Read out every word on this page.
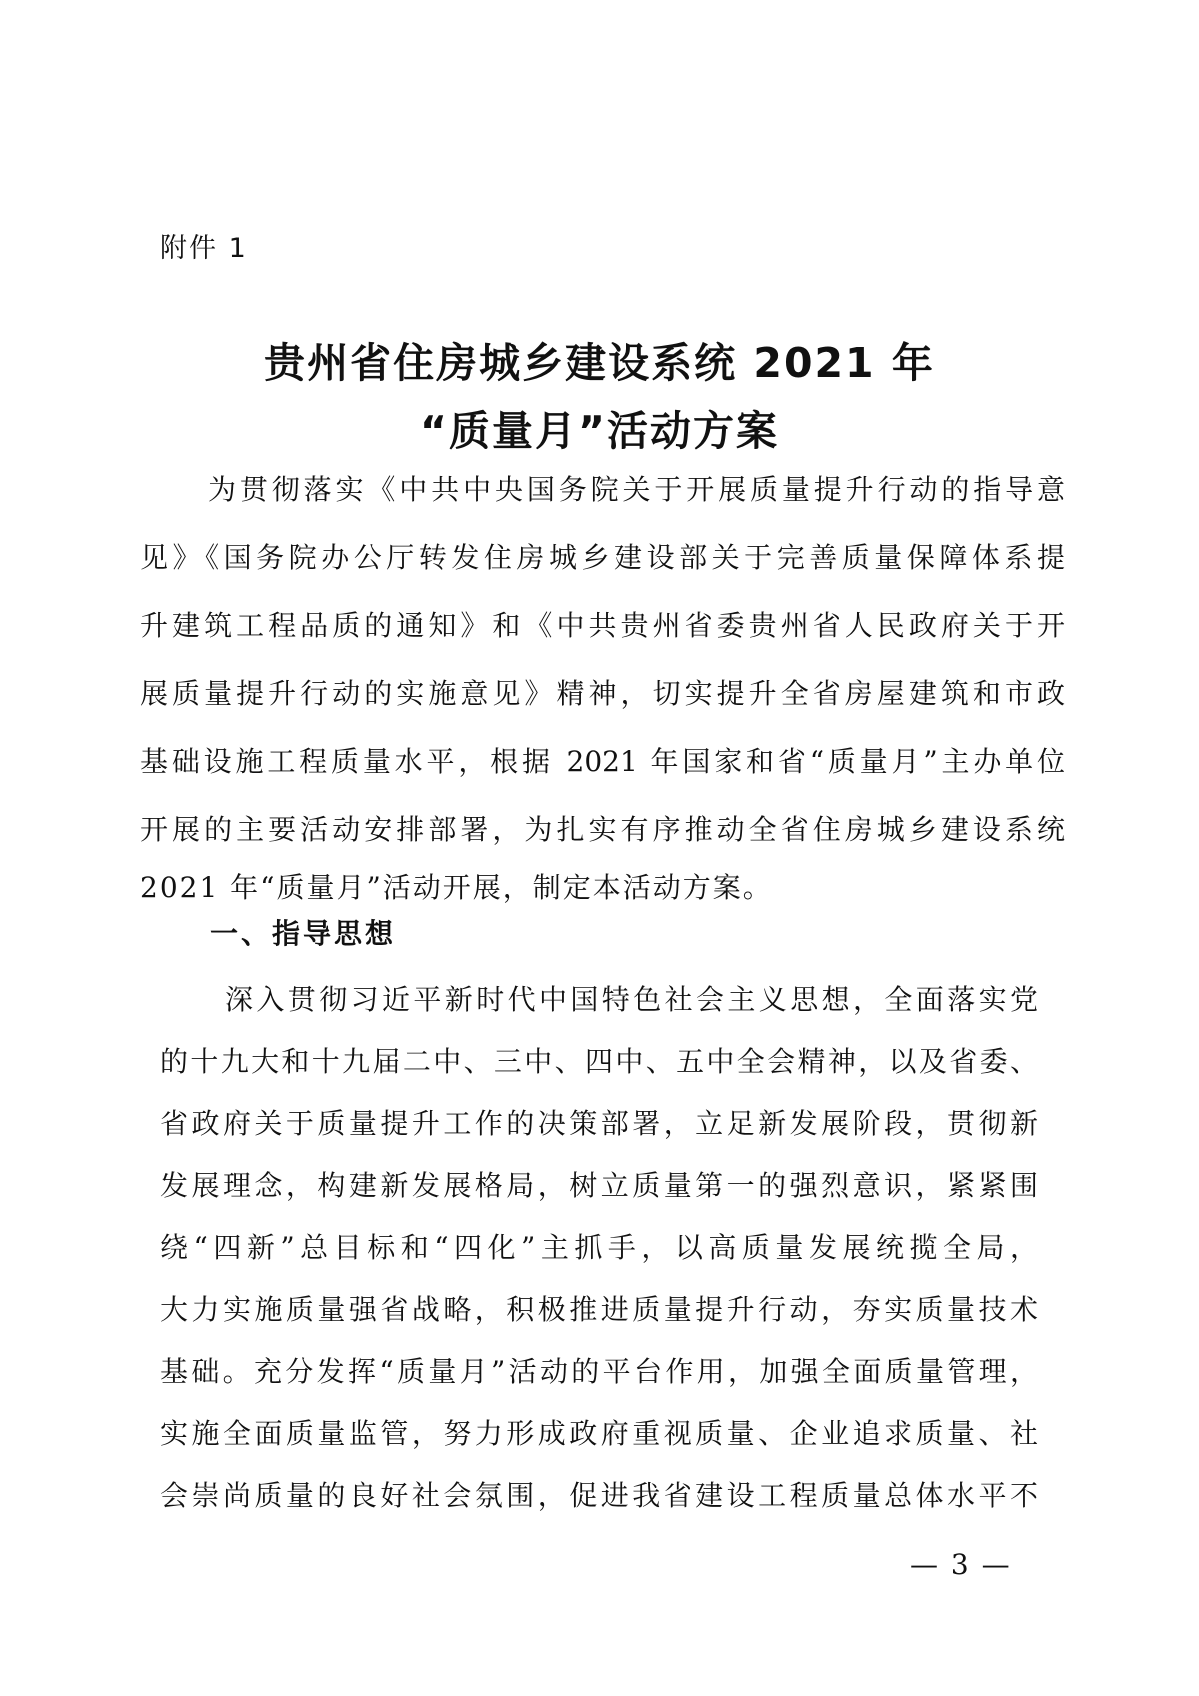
附件 1
贵州省住房城乡建设系统 2021 年
“质量月”活动方案

为贯彻落实《中共中央国务院关于开展质量提升行动的指导意

见》《国务院办公厅转发住房城乡建设部关于完善质量保障体系提

升建筑工程品质的通知》和《中共贵州省委贵州省人民政府关于开

展质量提升行动的实施意见》精神，切实提升全省房屋建筑和市政

基础设施工程质量水平，根据 2021 年国家和省“质量月”主办单位

开展的主要活动安排部署，为扎实有序推动全省住房城乡建设系统

2021 年“质量月”活动开展，制定本活动方案。

一、指导思想

深入贯彻习近平新时代中国特色社会主义思想，全面落实党

的十九大和十九届二中、三中、四中、五中全会精神，以及省委、

省政府关于质量提升工作的决策部署，立足新发展阶段，贯彻新

发展理念，构建新发展格局，树立质量第一的强烈意识，紧紧围

绕“四新”总目标和“四化”主抓手，以高质量发展统揽全局，

大力实施质量强省战略，积极推进质量提升行动，夯实质量技术

基础。充分发挥“质量月”活动的平台作用，加强全面质量管理，

实施全面质量监管，努力形成政府重视质量、企业追求质量、社

会崇尚质量的良好社会氛围，促进我省建设工程质量总体水平不

— 3 —
